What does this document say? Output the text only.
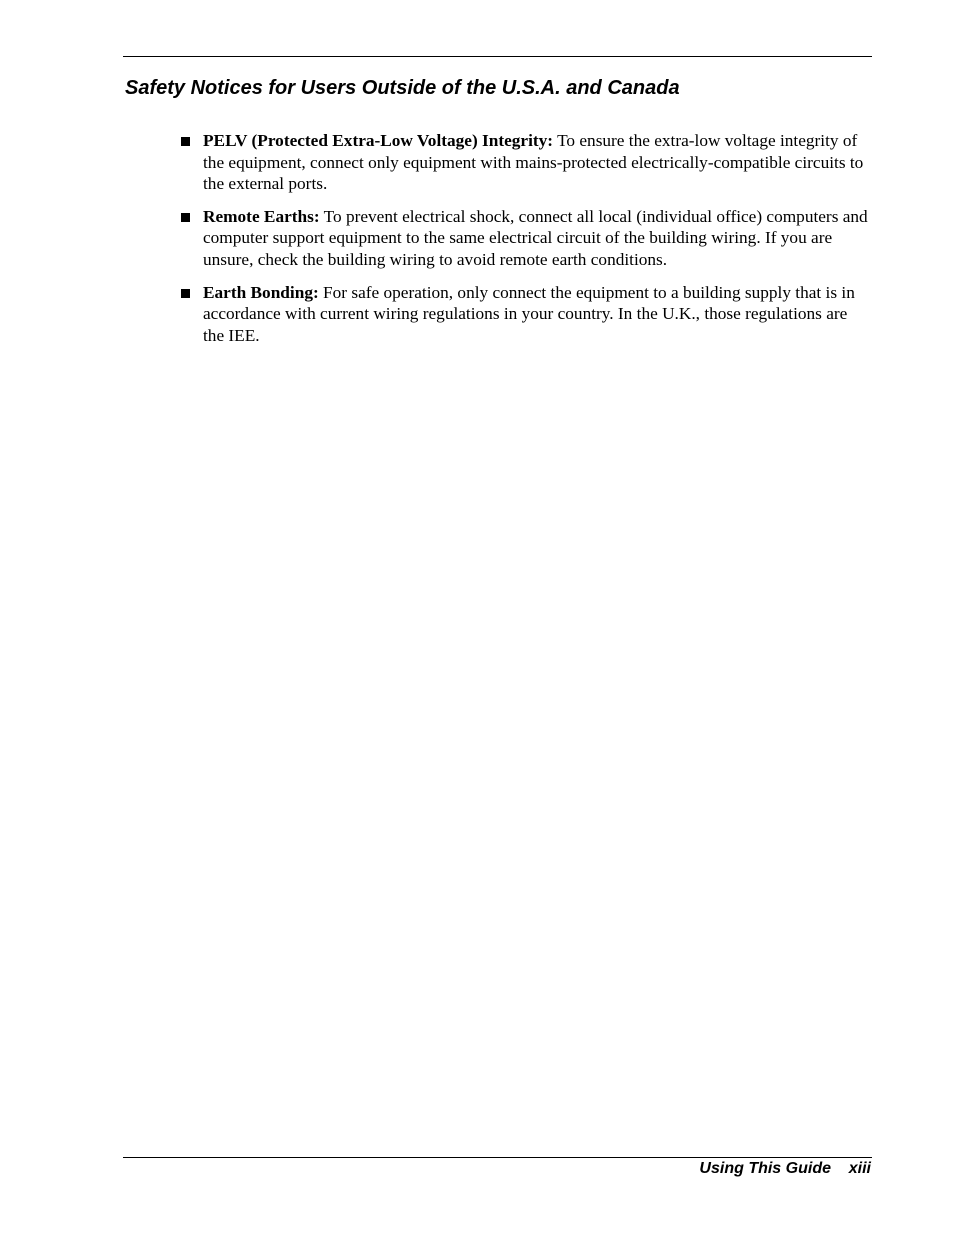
Safety Notices for Users Outside of the U.S.A. and Canada
PELV (Protected Extra-Low Voltage) Integrity: To ensure the extra-low voltage integrity of the equipment, connect only equipment with mains-protected electrically-compatible circuits to the external ports.
Remote Earths: To prevent electrical shock, connect all local (individual office) computers and computer support equipment to the same electrical circuit of the building wiring. If you are unsure, check the building wiring to avoid remote earth conditions.
Earth Bonding: For safe operation, only connect the equipment to a building supply that is in accordance with current wiring regulations in your country. In the U.K., those regulations are the IEE.
Using This Guide xiii
